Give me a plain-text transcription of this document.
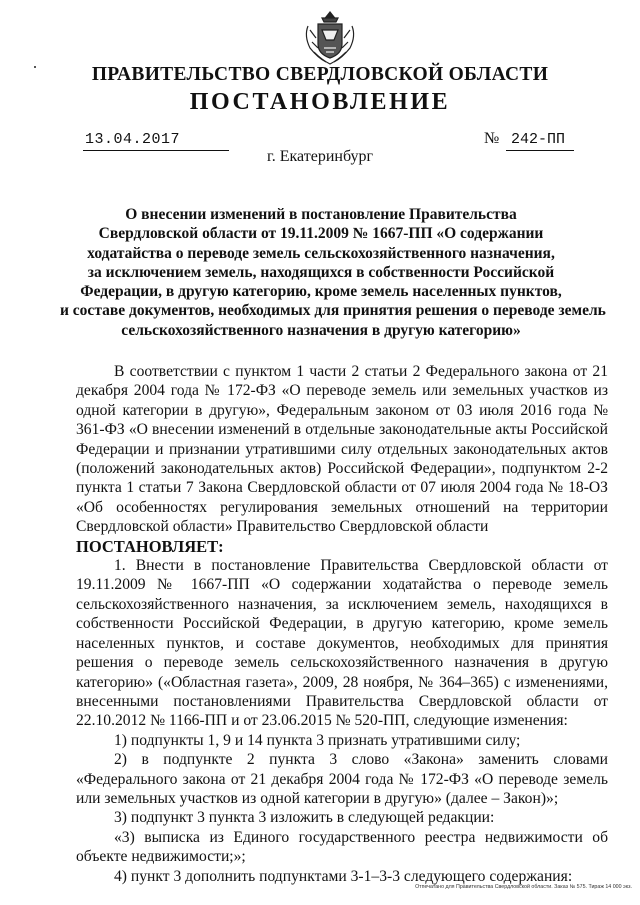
ПРАВИТЕЛЬСТВО СВЕРДЛОВСКОЙ ОБЛАСТИ
ПОСТАНОВЛЕНИЕ
13.04.2017	№ 242-ПП
г. Екатеринбург
О внесении изменений в постановление Правительства
Свердловской области от 19.11.2009 № 1667-ПП «О содержании
ходатайства о переводе земель сельскохозяйственного назначения,
за исключением земель, находящихся в собственности Российской
Федерации, в другую категорию, кроме земель населенных пунктов,
и составе документов, необходимых для принятия решения о переводе земель
сельскохозяйственного назначения в другую категорию»

В соответствии с пунктом 1 части 2 статьи 2 Федерального закона от 21 декабря 2004 года № 172-ФЗ «О переводе земель или земельных участков из одной категории в другую», Федеральным законом от 03 июля 2016 года № 361-ФЗ «О внесении изменений в отдельные законодательные акты Российской Федерации и признании утратившими силу отдельных законодательных актов (положений законодательных актов) Российской Федерации», подпунктом 2-2 пункта 1 статьи 7 Закона Свердловской области от 07 июля 2004 года № 18-ОЗ «Об особенностях регулирования земельных отношений на территории Свердловской области» Правительство Свердловской области

ПОСТАНОВЛЯЕТ:

1. Внести в постановление Правительства Свердловской области от 19.11.2009 № 1667-ПП «О содержании ходатайства о переводе земель сельскохозяйственного назначения, за исключением земель, находящихся в собственности Российской Федерации, в другую категорию, кроме земель населенных пунктов, и составе документов, необходимых для принятия решения о переводе земель сельскохозяйственного назначения в другую категорию» («Областная газета», 2009, 28 ноября, № 364–365) с изменениями, внесенными постановлениями Правительства Свердловской области от 22.10.2012 № 1166-ПП и от 23.06.2015 № 520-ПП, следующие изменения:

1) подпункты 1, 9 и 14 пункта 3 признать утратившими силу;

2) в подпункте 2 пункта 3 слово «Закона» заменить словами «Федерального закона от 21 декабря 2004 года № 172-ФЗ «О переводе земель или земельных участков из одной категории в другую» (далее – Закон)»;

3) подпункт 3 пункта 3 изложить в следующей редакции:

«3) выписка из Единого государственного реестра недвижимости об объекте недвижимости;»;

4) пункт 3 дополнить подпунктами 3-1–3-3 следующего содержания:

Отпечатано для Правительства Свердловской области. Заказ № 575. Тираж 14 000 экз.
